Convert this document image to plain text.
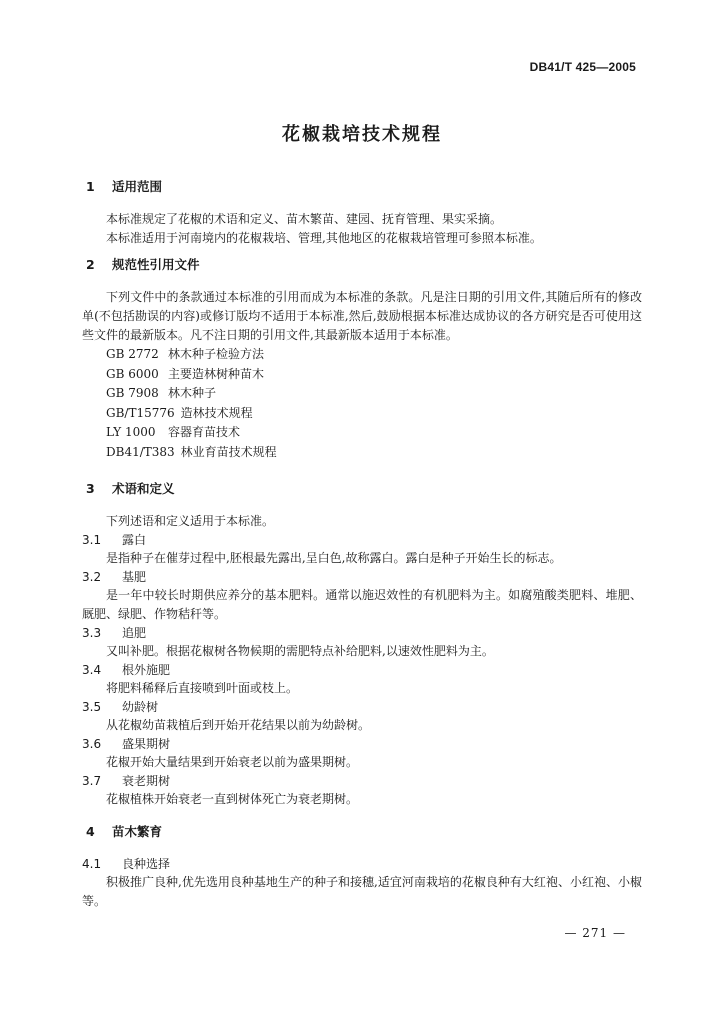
DB41/T 425—2005
花椒栽培技术规程
1 适用范围

本标准规定了花椒的术语和定义、苗木繁苗、建园、抚育管理、果实采摘。

本标准适用于河南境内的花椒栽培、管理,其他地区的花椒栽培管理可参照本标准。

2 规范性引用文件

下列文件中的条款通过本标准的引用而成为本标准的条款。凡是注日期的引用文件,其随后所有的修改单(不包括勘误的内容)或修订版均不适用于本标准,然后,鼓励根据本标准达成协议的各方研究是否可使用这些文件的最新版本。凡不注日期的引用文件,其最新版本适用于本标准。

GB 2772 林木种子检验方法
GB 6000 主要造林树种苗木
GB 7908 林木种子
GB/T15776 造林技术规程
LY 1000 容器育苗技术
DB41/T383 林业育苗技术规程
3 术语和定义

下列述语和定义适用于本标准。

3.1 露白

是指种子在催芽过程中,胚根最先露出,呈白色,故称露白。露白是种子开始生长的标志。

3.2 基肥

是一年中较长时期供应养分的基本肥料。通常以施迟效性的有机肥料为主。如腐殖酸类肥料、堆肥、厩肥、绿肥、作物秸秆等。

3.3 追肥

又叫补肥。根据花椒树各物候期的需肥特点补给肥料,以速效性肥料为主。

3.4 根外施肥

将肥料稀释后直接喷到叶面或枝上。

3.5 幼龄树

从花椒幼苗栽植后到开始开花结果以前为幼龄树。

3.6 盛果期树

花椒开始大量结果到开始衰老以前为盛果期树。

3.7 衰老期树

花椒植株开始衰老一直到树体死亡为衰老期树。

4 苗木繁育
4.1 良种选择

积极推广良种,优先选用良种基地生产的种子和接穗,适宜河南栽培的花椒良种有大红袍、小红袍、小椒等。

— 271 —
